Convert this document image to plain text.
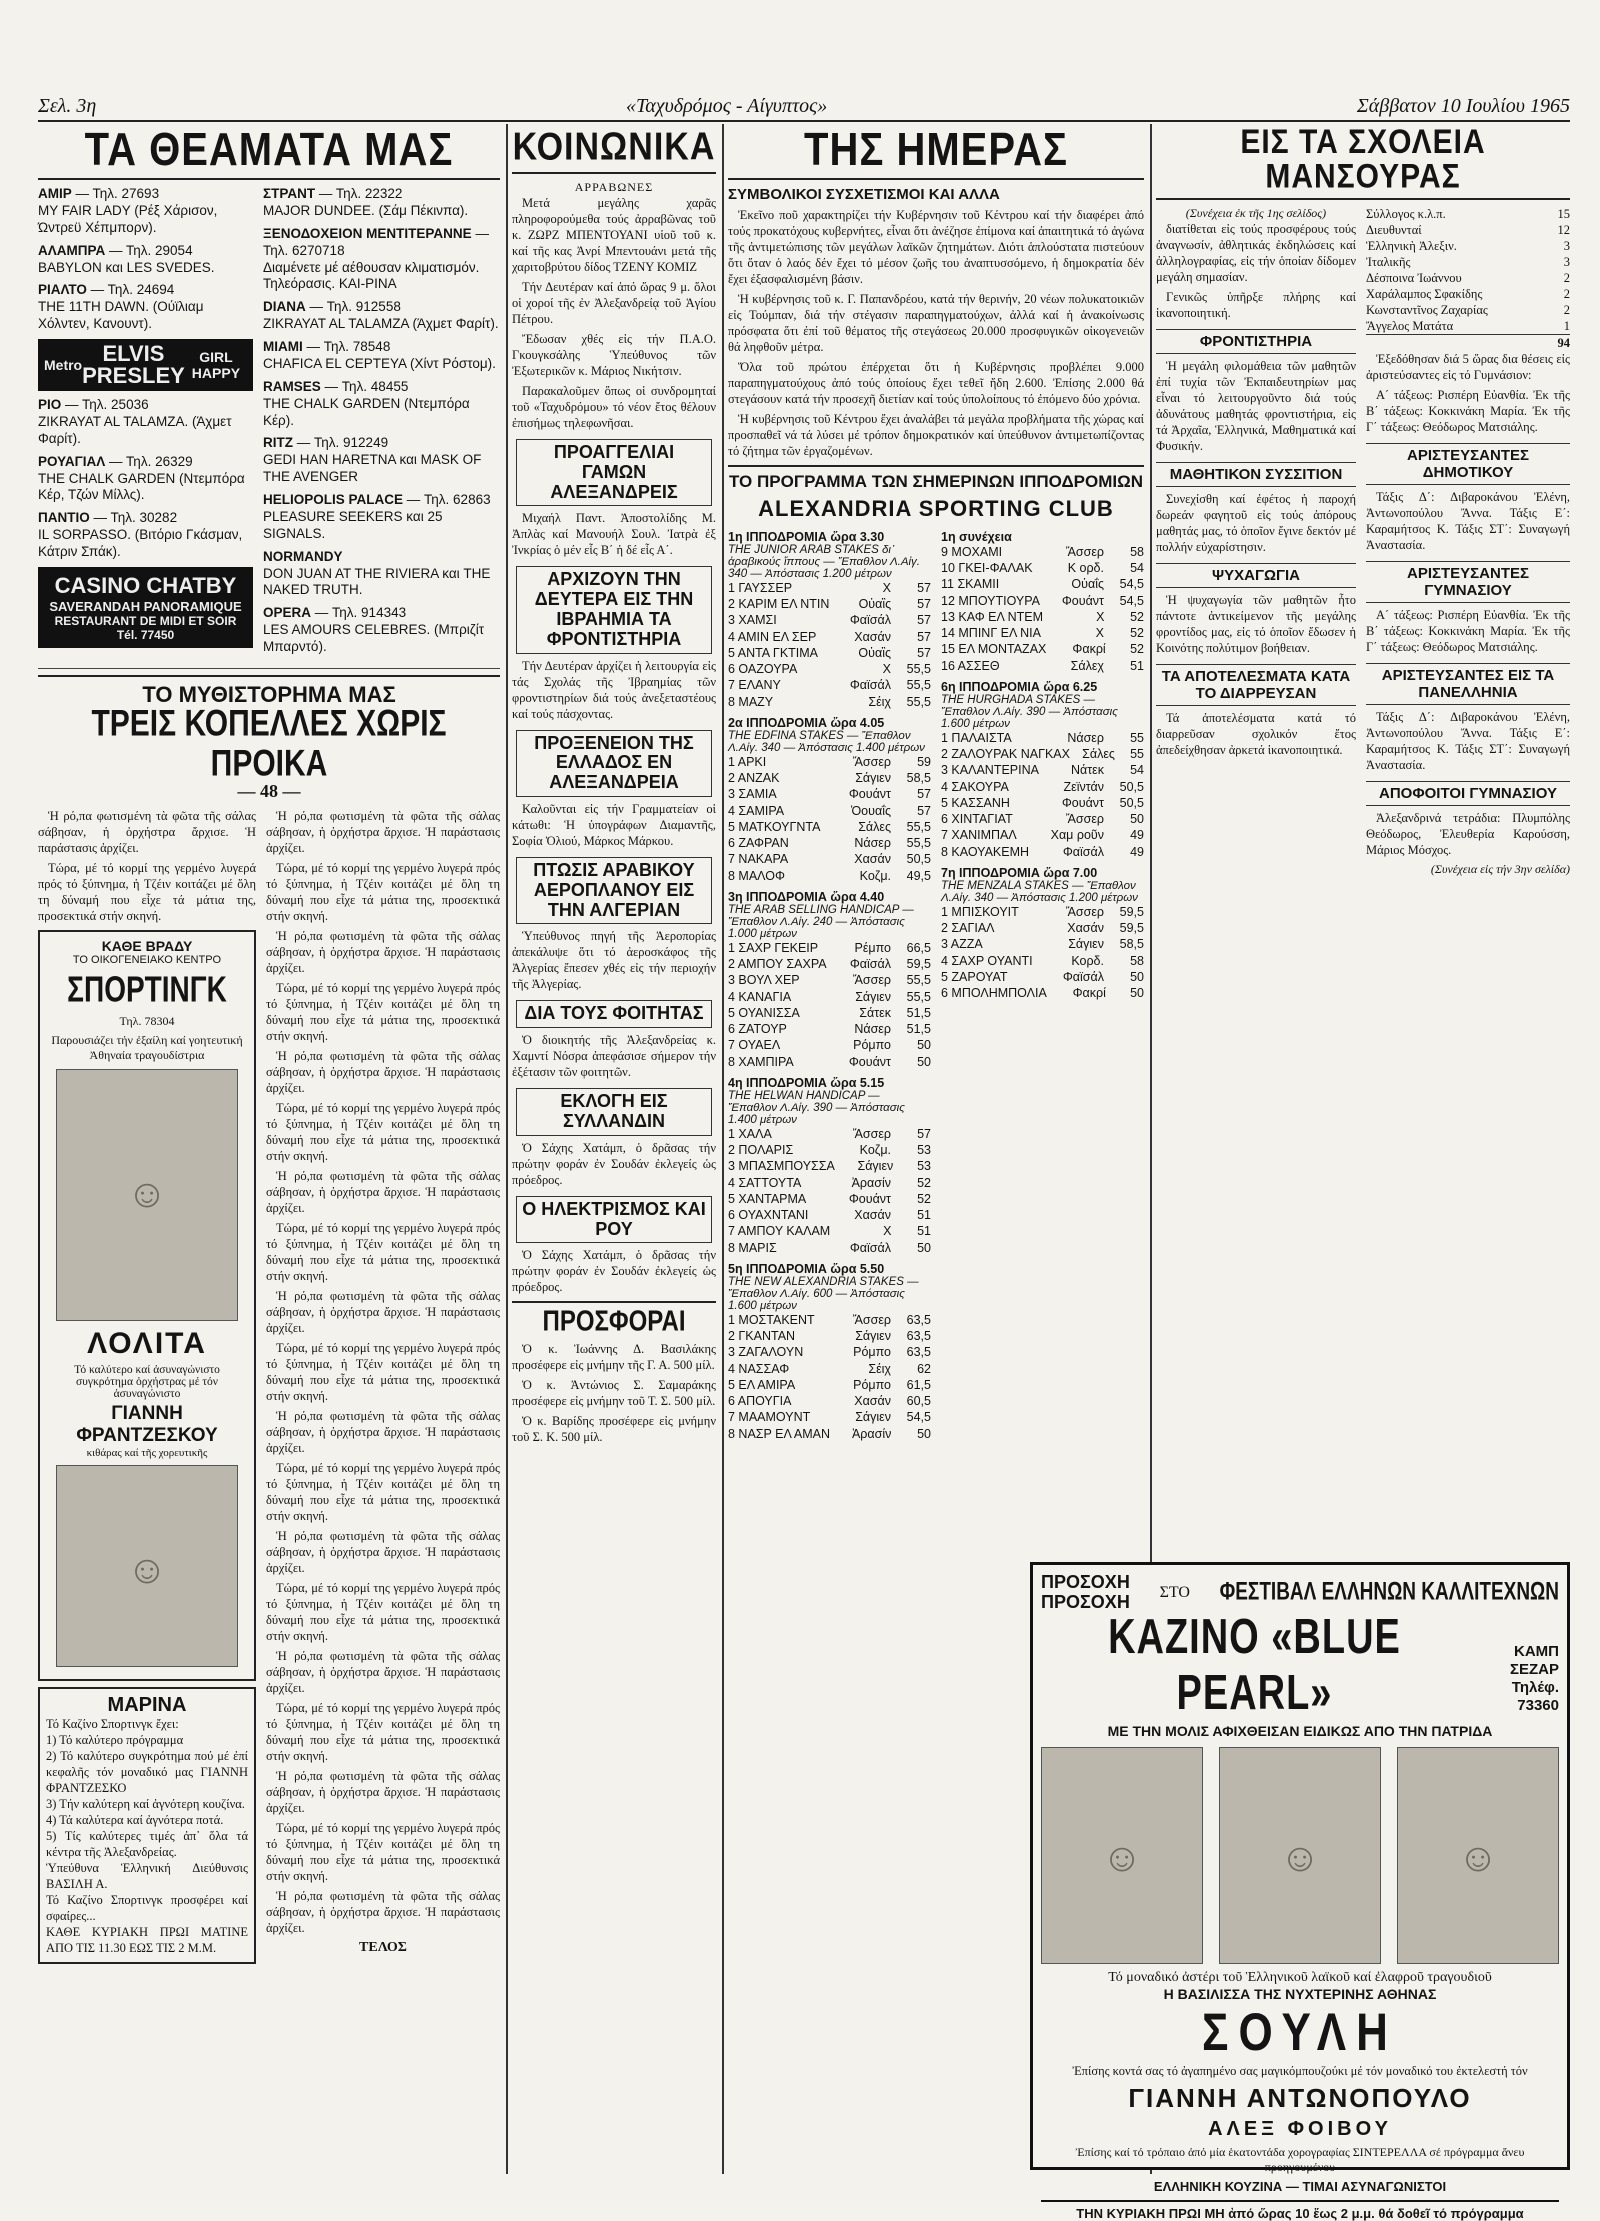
Σελ. 3η	«Ταχυδρόμος - Αίγυπτος»	Σάββατον 10 Ιουλίου 1965
ΤΑ ΘΕΑΜΑΤΑ ΜΑΣ
ΑΜΙΡ — Τηλ. 27693
MY FAIR LADY (Ρέξ Χάρισον, Ώντρεϋ Χέπμπορν).
ΑΛΑΜΠΡΑ — Τηλ. 29054
BABYLON και LES SVEDES.
ΡΙΑΛΤΟ — Τηλ. 24694
THE 11TH DAWN. (Ούϊλιαμ Χόλντεν, Κανουντ).
Metro ELVIS
PRESLEY
GIRL HAPPY
ΡΙΟ — Τηλ. 25036
ZIKRAYAT AL TALAMZA. (Άχμετ Φαρίτ).
ΡΟΥΑΓΙΑΛ — Τηλ. 26329
THE CHALK GARDEN (Ντεμπόρα Κέρ, Τζών Μίλλς).
ΠΑΝΤΙΟ — Τηλ. 30282
IL SORPASSO. (Βιτόριο Γκάσμαν, Κάτριν Σπάκ).
CASINO CHATBY
SAVERANDAH PANORAMIQUE
RESTAURANT DE MIDI ET SOIR
Tél. 77450
ΣΤΡΑΝΤ — Τηλ. 22322
MAJOR DUNDEE. (Σάμ Πέκινπα).
ΞΕΝΟΔΟΧΕΙΟΝ ΜΕΝΤΙΤΕΡΑΝΝΕ — Τηλ. 6270718
Διαμένετε μέ αέθουσαν κλιματισμόν. Τηλεόρασις. ΚΑΙ-PINA
DIANA — Τηλ. 912558
ZIKRAYAT AL TALAMZA (Άχμετ Φαρίτ).
MIAMI — Τηλ. 78548
CHAFICA EL CEPTEYA (Χίντ Ρόστομ).
RAMSES — Τηλ. 48455
THE CHALK GARDEN (Ντεμπόρα Κέρ).
RITZ — Τηλ. 912249
GEDI HAN HARETNA και MASK OF THE AVENGER
HELIOPOLIS PALACE — Τηλ. 62863
PLEASURE SEEKERS και 25 SIGNALS.
NORMANDY
DON JUAN AT THE RIVIERA και THE NAKED TRUTH.
OPERA — Τηλ. 914343
LES AMOURS CELEBRES. (Μπριζίτ Μπαρντό).
ΤΟ ΜΥΘΙΣΤΟΡΗΜΑ ΜΑΣ
ΤΡΕΙΣ ΚΟΠΕΛΛΕΣ ΧΩΡΙΣ ΠΡΟΙΚΑ
— 48 —

Ἡ ρό,πα φωτισμένη τὰ φῶτα τῆς σάλας σάβησαν, ἡ ὀρχήστρα ἄρχισε. Ἡ παράστασις ἀρχίζει.

Τώρα, μέ τό κορμί της γερμένο λυγερά πρός τό ξύπνημα, ἡ Τζέιν κοιτάζει μέ ὅλη τη δύναμή που εἶχε τά μάτια της, προσεκτικά στήν σκηνή.

ΚΑΘΕ ΒΡΑΔΥ
ΤΟ ΟΙΚΟΓΕΝΕΙΑΚΟ ΚΕΝΤΡΟ
ΣΠΟΡΤΙΝΓΚ
Τηλ. 78304
Παρουσιάζει τήν ἐξαίλη καί γοητευτική Ἀθηναία τραγουδίστρια
☺
ΛΟΛΙΤΑ
Τό καλύτερο καί ἀσυναγώνιστο συγκρότημα ὀρχήστρας μέ τόν ἀσυναγώνιστο
ΓΙΑΝΝΗ ΦΡΑΝΤΖΕΣΚΟΥ
κιθάρας καί τῆς χορευτικῆς
☺
ΜΑΡΙΝΑ
Τό Καζίνο Σπορτινγκ ἔχει:
1) Τό καλύτερο πρόγραμμα
2) Τό καλύτερο συγκρότημα πού μέ ἐπί κεφαλῆς τόν μοναδικό μας ΓΙΑΝΝΗ ΦΡΑΝΤΖΕΣΚΟ
3) Τήν καλύτερη καί ἀγνότερη κουζίνα.
4) Τά καλύτερα καί ἀγνότερα ποτά.
5) Τίς καλύτερες τιμές ἀπ᾿ ὅλα τά κέντρα τῆς Ἀλεξανδρείας.
Ὑπεύθυνα Ἑλληνική Διεύθυνσις ΒΑΣΙΛΗ Α.
Τό Καζίνο Σπορτινγκ προσφέρει καί σφαίρες...
ΚΑΘΕ ΚΥΡΙΑΚΗ ΠΡΩΙ ΜΑΤΙΝΕ ΑΠΟ ΤΙΣ 11.30 ΕΩΣ ΤΙΣ 2 Μ.Μ.

Ἡ ρό,πα φωτισμένη τὰ φῶτα τῆς σάλας σάβησαν, ἡ ὀρχήστρα ἄρχισε. Ἡ παράστασις ἀρχίζει.

Τώρα, μέ τό κορμί της γερμένο λυγερά πρός τό ξύπνημα, ἡ Τζέιν κοιτάζει μέ ὅλη τη δύναμή που εἶχε τά μάτια της, προσεκτικά στήν σκηνή.

Ἡ ρό,πα φωτισμένη τὰ φῶτα τῆς σάλας σάβησαν, ἡ ὀρχήστρα ἄρχισε. Ἡ παράστασις ἀρχίζει.

Τώρα, μέ τό κορμί της γερμένο λυγερά πρός τό ξύπνημα, ἡ Τζέιν κοιτάζει μέ ὅλη τη δύναμή που εἶχε τά μάτια της, προσεκτικά στήν σκηνή.

Ἡ ρό,πα φωτισμένη τὰ φῶτα τῆς σάλας σάβησαν, ἡ ὀρχήστρα ἄρχισε. Ἡ παράστασις ἀρχίζει.

Τώρα, μέ τό κορμί της γερμένο λυγερά πρός τό ξύπνημα, ἡ Τζέιν κοιτάζει μέ ὅλη τη δύναμή που εἶχε τά μάτια της, προσεκτικά στήν σκηνή.

Ἡ ρό,πα φωτισμένη τὰ φῶτα τῆς σάλας σάβησαν, ἡ ὀρχήστρα ἄρχισε. Ἡ παράστασις ἀρχίζει.

Τώρα, μέ τό κορμί της γερμένο λυγερά πρός τό ξύπνημα, ἡ Τζέιν κοιτάζει μέ ὅλη τη δύναμή που εἶχε τά μάτια της, προσεκτικά στήν σκηνή.

Ἡ ρό,πα φωτισμένη τὰ φῶτα τῆς σάλας σάβησαν, ἡ ὀρχήστρα ἄρχισε. Ἡ παράστασις ἀρχίζει.

Τώρα, μέ τό κορμί της γερμένο λυγερά πρός τό ξύπνημα, ἡ Τζέιν κοιτάζει μέ ὅλη τη δύναμή που εἶχε τά μάτια της, προσεκτικά στήν σκηνή.

Ἡ ρό,πα φωτισμένη τὰ φῶτα τῆς σάλας σάβησαν, ἡ ὀρχήστρα ἄρχισε. Ἡ παράστασις ἀρχίζει.

Τώρα, μέ τό κορμί της γερμένο λυγερά πρός τό ξύπνημα, ἡ Τζέιν κοιτάζει μέ ὅλη τη δύναμή που εἶχε τά μάτια της, προσεκτικά στήν σκηνή.

Ἡ ρό,πα φωτισμένη τὰ φῶτα τῆς σάλας σάβησαν, ἡ ὀρχήστρα ἄρχισε. Ἡ παράστασις ἀρχίζει.

Τώρα, μέ τό κορμί της γερμένο λυγερά πρός τό ξύπνημα, ἡ Τζέιν κοιτάζει μέ ὅλη τη δύναμή που εἶχε τά μάτια της, προσεκτικά στήν σκηνή.

Ἡ ρό,πα φωτισμένη τὰ φῶτα τῆς σάλας σάβησαν, ἡ ὀρχήστρα ἄρχισε. Ἡ παράστασις ἀρχίζει.

Τώρα, μέ τό κορμί της γερμένο λυγερά πρός τό ξύπνημα, ἡ Τζέιν κοιτάζει μέ ὅλη τη δύναμή που εἶχε τά μάτια της, προσεκτικά στήν σκηνή.

Ἡ ρό,πα φωτισμένη τὰ φῶτα τῆς σάλας σάβησαν, ἡ ὀρχήστρα ἄρχισε. Ἡ παράστασις ἀρχίζει.

Τώρα, μέ τό κορμί της γερμένο λυγερά πρός τό ξύπνημα, ἡ Τζέιν κοιτάζει μέ ὅλη τη δύναμή που εἶχε τά μάτια της, προσεκτικά στήν σκηνή.

Ἡ ρό,πα φωτισμένη τὰ φῶτα τῆς σάλας σάβησαν, ἡ ὀρχήστρα ἄρχισε. Ἡ παράστασις ἀρχίζει.

ΤΕΛΟΣ
ΚΟΙΝΩΝΙΚΑ
ΑΡΡΑΒΩΝΕΣ

Μετά μεγάλης χαρᾶς πληροφορούμεθα τούς ἀρραβῶνας τοῦ κ. ΖΩΡΖ ΜΠΕΝΤΟΥΑΝΙ υἱοῦ τοῦ κ. καί τῆς κας Ἀνρί Μπεντουάνι μετά τῆς χαριτοβρύτου δίδος ΤΖΕΝΥ ΚΟΜΙΖ

Τήν Δευτέραν καί ἀπό ὥρας 9 μ. ὅλοι οἱ χοροί τῆς ἐν Ἀλεξανδρείᾳ τοῦ Ἁγίου Πέτρου.

Ἔδωσαν χθές εἰς τήν Π.Α.Ο. Γκουγκσάλης Ὑπεύθυνος τῶν Ἐξωτερικῶν κ. Μάριος Νικήτσιν.

Παρακαλοῦμεν ὅπως οἱ συνδρομηταί τοῦ «Ταχυδρόμου» τό νέον ἔτος θέλουν ἐπισήμως τηλεφωνῆσαι.

ΠΡΟΑΓΓΕΛΙΑΙ ΓΑΜΩΝ ΑΛΕΞΑΝΔΡΕΙΣ

Μιχαήλ Παντ. Ἀποστολίδης Μ. Ἀπλὰς καί Μανουήλ Σουλ. Ἰατρὰ ἐξ Ἰνκρίας ὁ μέν εἷς Β΄ ἡ δέ εἷς Α΄.

ΑΡΧΙΖΟΥΝ ΤΗΝ ΔΕΥΤΕΡΑ ΕΙΣ ΤΗΝ ΙΒΡΑΗΜΙΑ ΤΑ ΦΡΟΝΤΙΣΤΗΡΙΑ

Τήν Δευτέραν ἀρχίζει ἡ λειτουργία εἰς τάς Σχολάς τῆς Ἰβραημίας τῶν φροντιστηρίων διά τούς ἀνεξεταστέους καί τούς πάσχοντας.

ΠΡΟΞΕΝΕΙΟΝ ΤΗΣ ΕΛΛΑΔΟΣ ΕΝ ΑΛΕΞΑΝΔΡΕΙΑ

Καλοῦνται εἰς τήν Γραμματείαν οἱ κάτωθι: Ἡ ὑπογράφων Διαμαντῆς, Σοφία Ὀλιού, Μάρκος Μάρκου.

ΠΤΩΣΙΣ ΑΡΑΒΙΚΟΥ ΑΕΡΟΠΛΑΝΟΥ ΕΙΣ ΤΗΝ ΑΛΓΕΡΙΑΝ

Ὑπεύθυνος πηγή τῆς Ἀεροπορίας ἀπεκάλυψε ὅτι τό ἀεροσκάφος τῆς Ἀλγερίας ἔπεσεν χθές εἰς τήν περιοχήν τῆς Ἀλγερίας.

ΔΙΑ ΤΟΥΣ ΦΟΙΤΗΤΑΣ

Ὁ διοικητής τῆς Ἀλεξανδρείας κ. Χαμντί Νόσρα ἀπεφάσισε σήμερον τήν ἐξέτασιν τῶν φοιτητῶν.

ΕΚΛΟΓΗ ΕΙΣ ΣΥΛΛΑΝΔΙΝ

Ὁ Σάχης Χατάμπ, ὁ δρᾶσας τήν πρώτην φοράν ἐν Σουδάν ἐκλεγείς ὡς πρόεδρος.

Ο ΗΛΕΚΤΡΙΣΜΟΣ ΚΑΙ ΡΟΥ

Ὁ Σάχης Χατάμπ, ὁ δρᾶσας τήν πρώτην φοράν ἐν Σουδάν ἐκλεγείς ὡς πρόεδρος.

ΠΡΟΣΦΟΡΑΙ

Ὁ κ. Ἰωάννης Δ. Βασιλάκης προσέφερε εἰς μνήμην τῆς Γ. Α. 500 μίλ.

Ὁ κ. Ἀντώνιος Σ. Σαμαράκης προσέφερε εἰς μνήμην τοῦ Τ. Σ. 500 μίλ.

Ὁ κ. Βαρίδης προσέφερε εἰς μνήμην τοῦ Σ. Κ. 500 μίλ.

ΤΗΣ ΗΜΕΡΑΣ
ΣΥΜΒΟΛΙΚΟΙ ΣΥΣΧΕΤΙΣΜΟΙ ΚΑΙ ΑΛΛΑ

Ἐκεῖνο ποῦ χαρακτηρίζει τήν Κυβέρνησιν τοῦ Κέντρου καί τήν διαφέρει ἀπό τούς προκατόχους κυβερνήτες, εἶναι ὅτι ἀνέζησε ἐπίμονα καί ἀπαιτητικά τό ἀγώνα τῆς ἀντιμετώπισης τῶν μεγάλων λαϊκῶν ζητημάτων. Διότι ἁπλούστατα πιστεύουν ὅτι ὅταν ὁ λαός δέν ἔχει τό μέσον ζωῆς του ἀναπτυσσόμενο, ἡ δημοκρατία δέν ἔχει ἐξασφαλισμένη βάσιν.

Ἡ κυβέρνησις τοῦ κ. Γ. Παπανδρέου, κατά τήν θερινήν, 20 νέων πολυκατοικιῶν εἰς Τούμπαν, διά τήν στέγασιν παραπηγματούχων, ἀλλά καί ἡ ἀνακοίνωσις πρόσφατα ὅτι ἐπί τοῦ θέματος τῆς στεγάσεως 20.000 προσφυγικῶν οἰκογενειῶν θά ληφθοῦν μέτρα.

Ὅλα τοῦ πρώτου ἐπέρχεται ὅτι ἡ Κυβέρνησις προβλέπει 9.000 παραπηγματούχους ἀπό τούς ὁποίους ἔχει τεθεῖ ἤδη 2.600. Ἐπίσης 2.000 θά στεγάσουν κατά τήν προσεχῆ διετίαν καί τούς ὑπολοίπους τό ἐπόμενο δύο χρόνια.

Ἡ κυβέρνησις τοῦ Κέντρου ἔχει ἀναλάβει τά μεγάλα προβλήματα τῆς χώρας καί προσπαθεῖ νά τά λύσει μέ τρόπον δημοκρατικόν καί ὑπεύθυνον ἀντιμετωπίζοντας τό ζήτημα τῶν ἐργαζομένων.

ΤΟ ΠΡΟΓΡΑΜΜΑ ΤΩΝ ΣΗΜΕΡΙΝΩΝ ΙΠΠΟΔΡΟΜΙΩΝ
ALEXANDRIA SPORTING CLUB
1η ΙΠΠΟΔΡΟΜΙΑ ὥρα 3.30
THE JUNIOR ARAB STAKES δι᾿ ἀραβικούς ἵππους — Ἔπαθλον Λ.Αἰγ. 340 — Ἀπόστασις 1.200 μέτρων
1 ΓΑΥΣΣΕΡ	Χ	57
2 ΚΑΡΙΜ ΕΛ ΝΤΙΝ	Οὐαἲς	57
3 ΧΑΜΣΙ	Φαϊσάλ	57
4 ΑΜΙΝ ΕΛ ΣΕΡ	Χασάν	57
5 ΑΝΤΑ ΓΚΤΙΜΑ	Οὐαἲς	57
6 ΟΑΖΟΥΡΑ	Χ	55,5
7 ΕΛΑΝΥ	Φαϊσάλ	55,5
8 ΜΑΖΥ	Σέιχ	55,5
2α ΙΠΠΟΔΡΟΜΙΑ ὥρα 4.05
THE EDFINA STAKES — Ἔπαθλον Λ.Αἰγ. 340 — Ἀπόστασις 1.400 μέτρων
1 ΑΡΚΙ	Ἄσσερ	59
2 ΑΝΖΑΚ	Σάγιεν	58,5
3 ΣΑΜΙΑ	Φουάντ	57
4 ΣΑΜΙΡΑ	Ὀουαΐς	57
5 ΜΑΤΚΟΥΓΝΤΑ	Σάλες	55,5
6 ΖΑΦΡΑΝ	Νάσερ	55,5
7 ΝΑΚΑΡΑ	Χασάν	50,5
8 ΜΑΛΟΦ	Κοζμ.	49,5
3η ΙΠΠΟΔΡΟΜΙΑ ὥρα 4.40
THE ARAB SELLING HANDICAP — Ἔπαθλον Λ.Αἰγ. 240 — Ἀπόστασις 1.000 μέτρων
1 ΣΑΧΡ ΓΕΚΕΙΡ	Ρέμπο	66,5
2 ΑΜΠΟΥ ΣΑΧΡΑ	Φαϊσάλ	59,5
3 ΒΟΥΛ ΧΕΡ	Ἄσσερ	55,5
4 ΚΑΝΑΓΙΑ	Σάγιεν	55,5
5 ΟΥΑΝΙΣΣΑ	Σάτεκ	51,5
6 ΖΑΤΟΥΡ	Νάσερ	51,5
7 ΟΥΑΕΛ	Ρόμπο	50
8 ΧΑΜΠΙΡΑ	Φουάντ	50
4η ΙΠΠΟΔΡΟΜΙΑ ὥρα 5.15
THE HELWAN HANDICAP — Ἔπαθλον Λ.Αἰγ. 390 — Ἀπόστασις 1.400 μέτρων
1 ΧΑΛΑ	Ἄσσερ	57
2 ΠΟΛΑΡΙΣ	Κοζμ.	53
3 ΜΠΑΣΜΠΟΥΣΣΑ	Σάγιεν	53
4 ΣΑΤΤΟΥΤΑ	Ἀρασίν	52
5 ΧΑΝΤΑΡΜΑ	Φουάντ	52
6 ΟΥΑΧΝΤΑΝΙ	Χασάν	51
7 ΑΜΠΟΥ ΚΑΛΑΜ	Χ	51
8 ΜΑΡΙΣ	Φαϊσάλ	50
5η ΙΠΠΟΔΡΟΜΙΑ ὥρα 5.50
THE NEW ALEXANDRIA STAKES — Ἔπαθλον Λ.Αἰγ. 600 — Ἀπόστασις 1.600 μέτρων
1 ΜΟΣΤΑΚΕΝΤ	Ἄσσερ	63,5
2 ΓΚΑΝΤΑΝ	Σάγιεν	63,5
3 ΖΑΓΑΛΟΥΝ	Ρόμπο	63,5
4 ΝΑΣΣΑΦ	Σέιχ	62
5 ΕΛ ΑΜΙΡΑ	Ρόμπο	61,5
6 ΑΠΟΥΓΙΑ	Χασάν	60,5
7 ΜΑΑΜΟΥΝΤ	Σάγιεν	54,5
8 ΝΑΣΡ ΕΛ ΑΜΑΝ	Ἀρασίν	50
1η συνέχεια
9 ΜΟΧΑΜΙ	Ἄσσερ	58
10 ΓΚΕΙ-ΦΑΛΑΚ	Κ ορδ.	54
11 ΣΚΑΜΙΙ	Οὐαΐς	54,5
12 ΜΠΟΥΤΙΟΥΡΑ	Φουάντ	54,5
13 ΚΑΦ ΕΛ ΝΤΕΜ	Χ	52
14 ΜΠΙΝΓ ΕΛ ΝΙΑ	Χ	52
15 ΕΛ ΜΟΝΤΑΖΑΧ	Φακρί	52
16 ΑΣΣΕΘ	Σάλεχ	51
6η ΙΠΠΟΔΡΟΜΙΑ ὥρα 6.25
THE HURGHADA STAKES — Ἔπαθλον Λ.Αἰγ. 390 — Ἀπόστασις 1.600 μέτρων
1 ΠΑΛΑΙΣΤΑ	Νάσερ	55
2 ΖΑΛΟΥΡΑΚ ΝΑΓΚΑΧ Σάλες	55
3 ΚΑΛΑΝΤΕΡΙΝΑ	Νάτεκ	54
4 ΣΑΚΟΥΡΑ	Ζεϊντάν	50,5
5 ΚΑΣΣΑΝΗ	Φουάντ	50,5
6 ΧΙΝΤΑΓΙΑΤ	Ἄσσερ	50
7 ΧΑΝΙΜΠΑΛ	Χαμ ροῦν	49
8 ΚΑΟΥΑΚΕΜΗ	Φαϊσάλ	49
7η ΙΠΠΟΔΡΟΜΙΑ ὥρα 7.00
THE MENZALA STAKES — Ἔπαθλον Λ.Αἰγ. 340 — Ἀπόστασις 1.200 μέτρων
1 ΜΠΙΣΚΟΥΙΤ	Ἄσσερ	59,5
2 ΣΑΓΙΑΛ	Χασάν	59,5
3 ΑΖΖΑ	Σάγιεν	58,5
4 ΣΑΧΡ ΟΥΑΝΤΙ	Κορδ.	58
5 ΖΑΡΟΥΑΤ	Φαϊσάλ	50
6 ΜΠΟΛΗΜΠΟΛΙΑ	Φακρί	50
ΕΙΣ ΤΑ ΣΧΟΛΕΙΑ ΜΑΝΣΟΥΡΑΣ
(Συνέχεια ἐκ τῆς 1ης σελίδος)

διατίθεται εἰς τούς προσφέρους τούς ἀναγνωσίν, ἀθλητικάς ἐκδηλώσεις καί ἀλληλογραφίας, εἰς τήν ὁποίαν δίδομεν μεγάλη σημασίαν.

Γενικῶς ὑπῆρξε πλήρης καί ἱκανοποιητική.

ΦΡΟΝΤΙΣΤΗΡΙΑ
Ἡ μεγάλη φιλομάθεια τῶν μαθητῶν ἐπί τυχία τῶν Ἐκπαιδευτηρίων μας εἶναι τό λειτουργοῦντο διά τούς ἀδυνάτους μαθητάς φροντιστήρια, εἰς τά Ἀρχαῖα, Ἑλληνικά, Μαθηματικά καί Φυσικήν.
ΜΑΘΗΤΙΚΟΝ ΣΥΣΣΙΤΙΟΝ
Συνεχίσθη καί ἐφέτος ἡ παροχή δωρεάν φαγητοῦ εἰς τούς ἀπόρους μαθητάς μας, τό ὁποῖον ἔγινε δεκτόν μέ πολλήν εὐχαρίστησιν.
ΨΥΧΑΓΩΓΙΑ
Ἡ ψυχαγωγία τῶν μαθητῶν ἦτο πάντοτε ἀντικείμενον τῆς μεγάλης φροντίδος μας, εἰς τό ὁποῖον ἔδωσεν ἡ Κοινότης πολύτιμον βοήθειαν.
ΤΑ ΑΠΟΤΕΛΕΣΜΑΤΑ ΚΑΤΑ ΤΟ ΔΙΑΡΡΕΥΣΑΝ
Τά ἀποτελέσματα κατά τό διαρρεῦσαν σχολικόν ἔτος ἀπεδείχθησαν ἀρκετά ἱκανοποιητικά.
Σύλλογος κ.λ.π.	15
Διευθυνταί	12
Ἑλληνικὴ Ἀλεξιν.	3
Ἰταλικῆς	3
Δέσποινα Ἰωάννου	2
Χαράλαμπος Σφακίδης	2
Κωνσταντῖνος Ζαχαρίας	2
Ἄγγελος Ματάτα	1
94

Ἐξεδόθησαν διά 5 ὥρας δια θέσεις εἰς ἀριστεύσαντες εἰς τό Γυμνάσιον:

Α΄ τάξεως: Ρισπέρη Εὐανθία. Ἐκ τῆς Β΄ τάξεως: Κοκκινάκη Μαρία. Ἐκ τῆς Γ΄ τάξεως: Θεόδωρος Ματσιάλης.

ΑΡΙΣΤΕΥΣΑΝΤΕΣ ΔΗΜΟΤΙΚΟΥ

Τάξις Δ΄: Διβαροκάνου Ἐλένη, Ἀντωνοπούλου Ἄννα. Τάξις Ε΄: Καραμήτσος Κ. Τάξις ΣΤ΄: Συναγωγή Ἀναστασία.

ΑΡΙΣΤΕΥΣΑΝΤΕΣ ΓΥΜΝΑΣΙΟΥ

Α΄ τάξεως: Ρισπέρη Εὐανθία. Ἐκ τῆς Β΄ τάξεως: Κοκκινάκη Μαρία. Ἐκ τῆς Γ΄ τάξεως: Θεόδωρος Ματσιάλης.

ΑΡΙΣΤΕΥΣΑΝΤΕΣ ΕΙΣ ΤΑ ΠΑΝΕΛΛΗΝΙΑ

Τάξις Δ΄: Διβαροκάνου Ἐλένη, Ἀντωνοπούλου Ἄννα. Τάξις Ε΄: Καραμήτσος Κ. Τάξις ΣΤ΄: Συναγωγή Ἀναστασία.

ΑΠΟΦΟΙΤΟΙ ΓΥΜΝΑΣΙΟΥ

Ἀλεξανδρινά τετράδια: Πλυμπόλης Θεόδωρος, Ἐλευθερία Καρούσση, Μάριος Μόσχος.

(Συνέχεια εἰς τήν 3ην σελίδα)
ΠΡΟΣΟΧΗ
ΠΡΟΣΟΧΗ ΣΤΟ ΦΕΣΤΙΒΑΛ ΕΛΛΗΝΩΝ ΚΑΛΛΙΤΕΧΝΩΝ
ΚΑΖΙΝΟ «BLUE PEARL»
ΚΑΜΠ ΣΕΖΑΡ
Τηλέφ. 73360
ΜΕ ΤΗΝ ΜΟΛΙΣ ΑΦΙΧΘΕΙΣΑΝ ΕΙΔΙΚΩΣ ΑΠΟ ΤΗΝ ΠΑΤΡΙΔΑ
☺	☺	☺
Τό μοναδικό ἀστέρι τοῦ Ἑλληνικοῦ λαϊκοῦ καί ἐλαφροῦ τραγουδιοῦ
Η ΒΑΣΙΛΙΣΣΑ ΤΗΣ ΝΥΧΤΕΡΙΝΗΣ ΑΘΗΝΑΣ
ΣΟΥΛΗ
Ἐπίσης κοντά σας τό ἀγαπημένο σας μαγικόμπουζούκι μέ τόν μοναδικό του ἐκτελεστή τόν
ΓΙΑΝΝΗ ΑΝΤΩΝΟΠΟΥΛΟ
ΑΛΕΞ ΦΟΙΒΟΥ
Ἐπίσης καί τό τρόπαιο ἀπό μία ἑκατοντάδα χορογραφίας ΣΙΝΤΕΡΕΛΛΑ σέ πρόγραμμα ἄνευ προηγουμένου
ΕΛΛΗΝΙΚΗ ΚΟΥΖΙΝΑ — ΤΙΜΑΙ ΑΣΥΝΑΓΩΝΙΣΤΟΙ
ΤΗΝ ΚΥΡΙΑΚΗ ΠΡΩΙ ΜΗ ἀπό ὥρας 10 ἕως 2 μ.μ. θά δοθεῖ τό πρόγραμμα
